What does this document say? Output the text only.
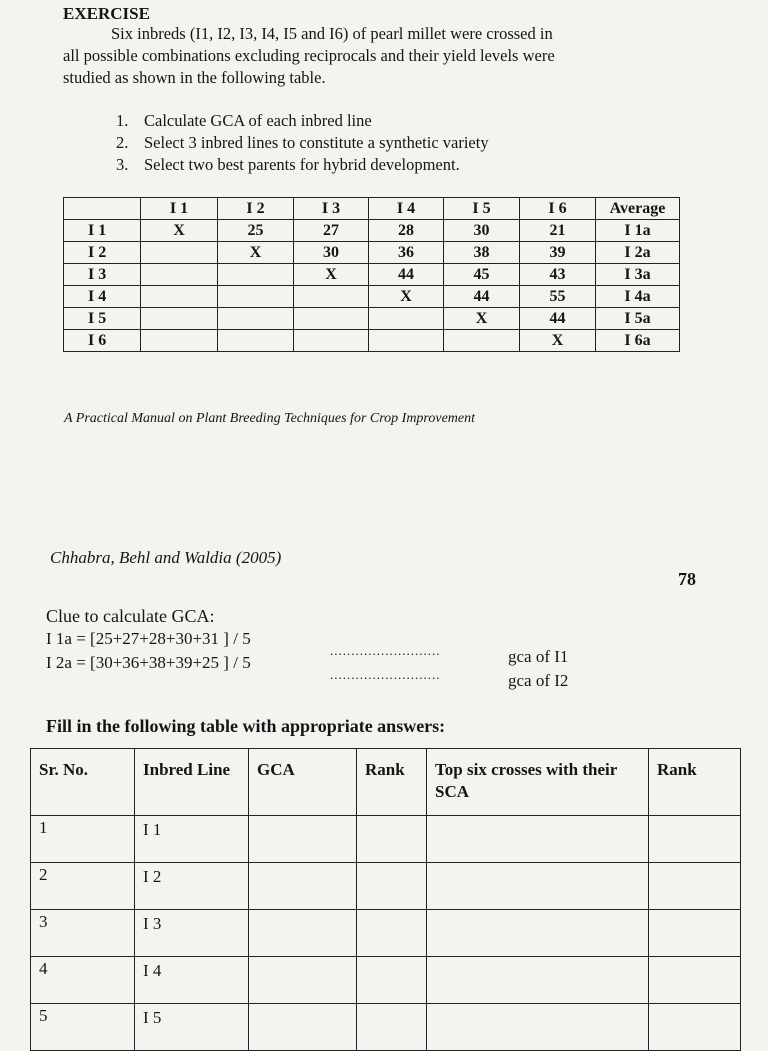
EXERCISE
Six inbreds (I1, I2, I3, I4, I5 and I6) of pearl millet were crossed in
all possible combinations excluding reciprocals and their yield levels were
studied as shown in the following table.
1. Calculate GCA of each inbred line
2. Select 3 inbred lines to constitute a synthetic variety
3. Select two best parents for hybrid development.
	I 1	I 2	I 3	I 4	I 5	I 6	Average
I 1	X	25	27	28	30	21	I 1a
I 2		X	30	36	38	39	I 2a
I 3			X	44	45	43	I 3a
I 4				X	44	55	I 4a
I 5					X	44	I 5a
I 6						X	I 6a
A Practical Manual on Plant Breeding Techniques for Crop Improvement
Chhabra, Behl and Waldia (2005)
78
Clue to calculate GCA:
I 1a = [25+27+28+30+31 ] / 5
I 2a = [30+36+38+39+25 ] / 5
..........................
..........................
gca of I1
gca of I2
Fill in the following table with appropriate answers:
Sr. No.	Inbred Line	GCA	Rank	Top six crosses with their SCA	Rank
1	I 1				
2	I 2				
3	I 3				
4	I 4				
5	I 5				
